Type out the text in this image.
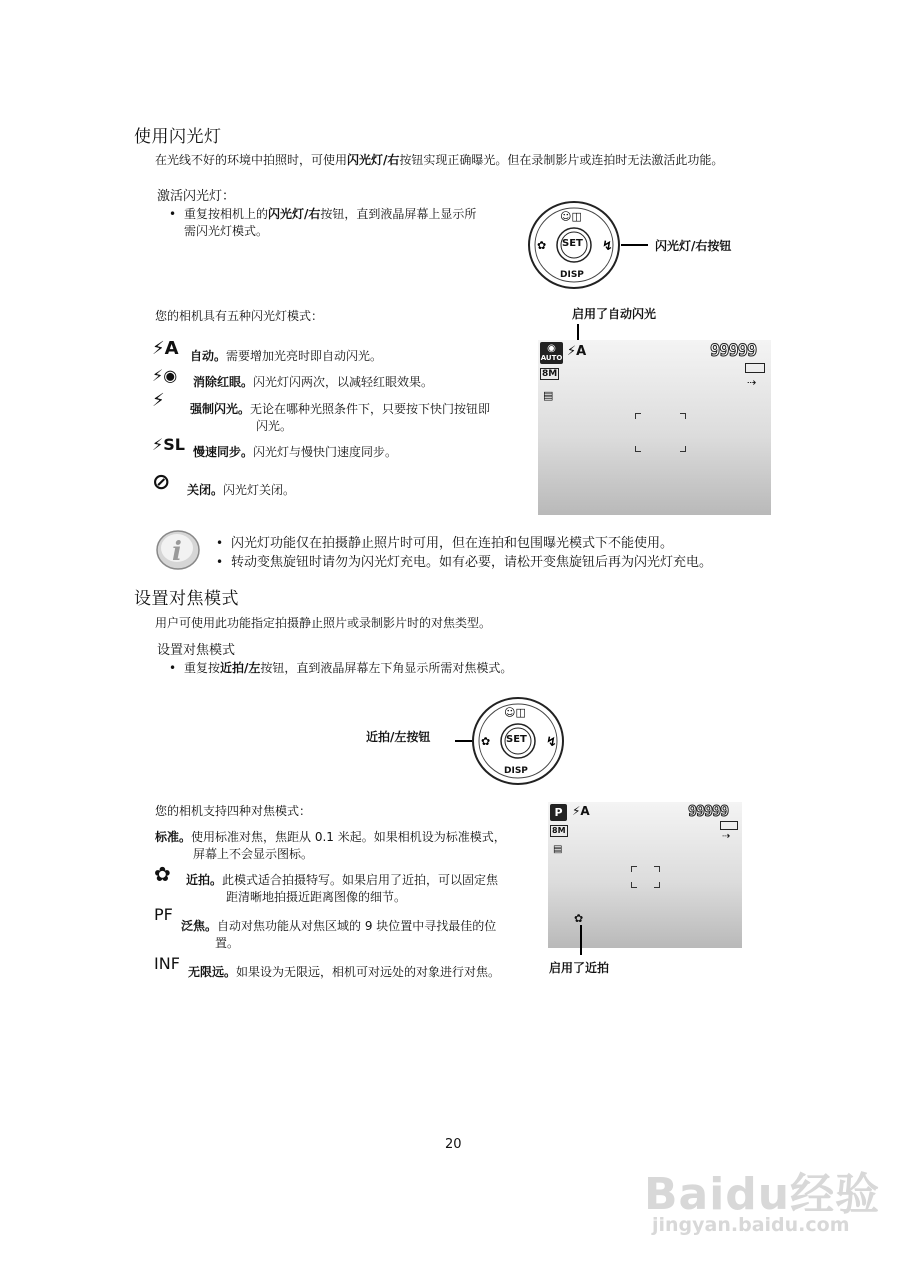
使用闪光灯
在光线不好的环境中拍照时，可使用闪光灯/右按钮实现正确曝光。但在录制影片或连拍时无法激活此功能。
激活闪光灯：
• 重复按相机上的闪光灯/右按钮，直到液晶屏幕上显示所
需闪光灯模式。
☺◫
✿	↯
SET
DISP
闪光灯/右按钮
您的相机具有五种闪光灯模式：	启用了自动闪光
◉
AUTO ⚡A	99999
8M
⇢
▤
⚡A 自动。需要增加光亮时即自动闪光。
⚡◉ 消除红眼。闪光灯闪两次，以减轻红眼效果。
⚡ 强制闪光。无论在哪种光照条件下，只要按下快门按钮即
闪光。
⚡SL 慢速同步。闪光灯与慢快门速度同步。
⊘ 关闭。闪光灯关闭。
i	• 闪光灯功能仅在拍摄静止照片时可用，但在连拍和包围曝光模式下不能使用。
• 转动变焦旋钮时请勿为闪光灯充电。如有必要，请松开变焦旋钮后再为闪光灯充电。
设置对焦模式
用户可使用此功能指定拍摄静止照片或录制影片时的对焦类型。
设置对焦模式
• 重复按近拍/左按钮，直到液晶屏幕左下角显示所需对焦模式。
近拍/左按钮
☺◫
✿	↯
SET
DISP
您的相机支持四种对焦模式：	P ⚡A	99999
8M
⇢
▤
✿
启用了近拍
标准。使用标准对焦，焦距从 0.1 米起。如果相机设为标准模式，
屏幕上不会显示图标。
✿ 近拍。此模式适合拍摄特写。如果启用了近拍，可以固定焦
距清晰地拍摄近距离图像的细节。
PF
泛焦。自动对焦功能从对焦区域的 9 块位置中寻找最佳的位
置。
INF 无限远。如果设为无限远，相机可对远处的对象进行对焦。
20
Baidu经验
jingyan.baidu.com
